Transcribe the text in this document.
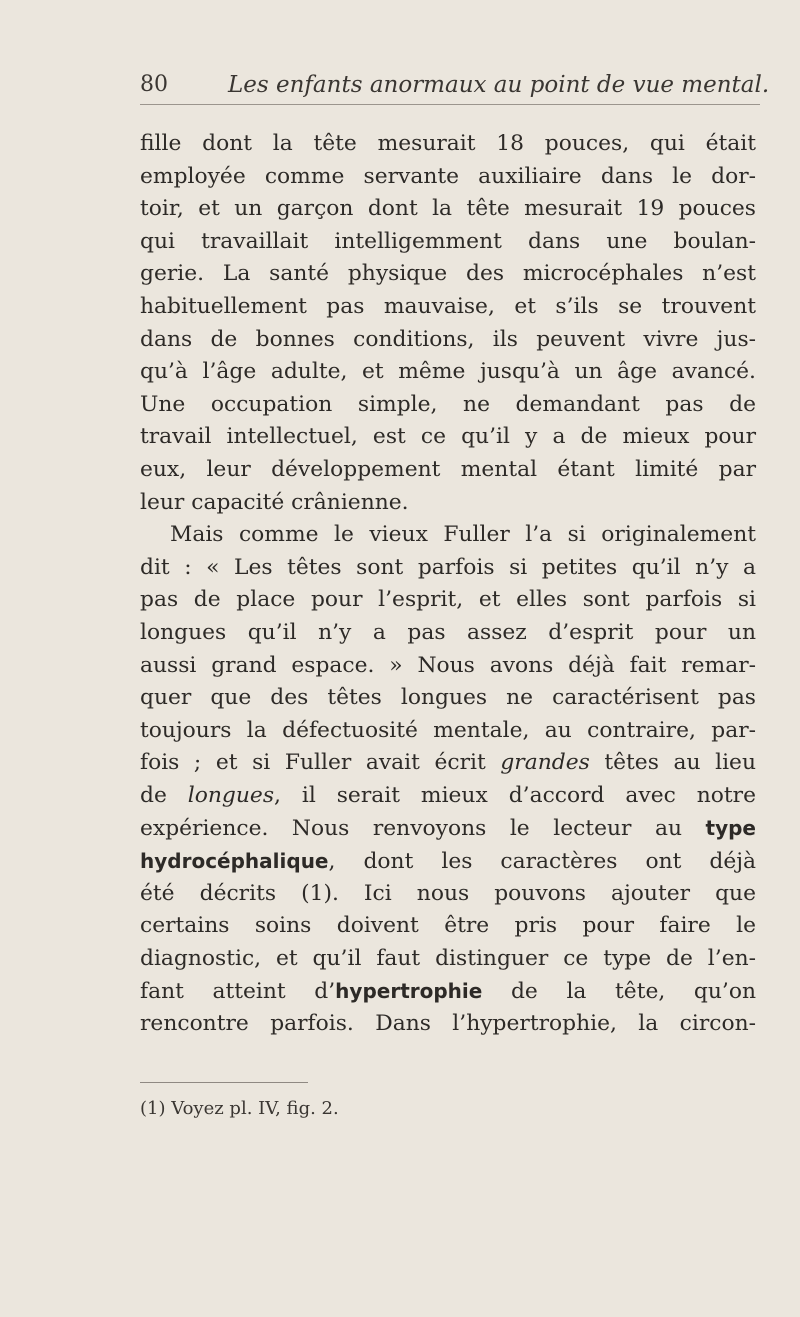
80	Les enfants anormaux au point de vue mental.
fille dont la tête mesurait 18 pouces, qui était
employée comme servante auxiliaire dans le dor-
toir, et un garçon dont la tête mesurait 19 pouces
qui travaillait intelligemment dans une boulan-
gerie. La santé physique des microcéphales n’est
habituellement pas mauvaise, et s’ils se trouvent
dans de bonnes conditions, ils peuvent vivre jus-
qu’à l’âge adulte, et même jusqu’à un âge avancé.
Une occupation simple, ne demandant pas de
travail intellectuel, est ce qu’il y a de mieux pour
eux, leur développement mental étant limité par
leur capacité crânienne.
Mais comme le vieux Fuller l’a si originalement
dit : « Les têtes sont parfois si petites qu’il n’y a
pas de place pour l’esprit, et elles sont parfois si
longues qu’il n’y a pas assez d’esprit pour un
aussi grand espace. » Nous avons déjà fait remar-
quer que des têtes longues ne caractérisent pas
toujours la défectuosité mentale, au contraire, par-
fois ; et si Fuller avait écrit grandes têtes au lieu
de longues, il serait mieux d’accord avec notre
expérience. Nous renvoyons le lecteur au type
hydrocéphalique, dont les caractères ont déjà
été décrits (1). Ici nous pouvons ajouter que
certains soins doivent être pris pour faire le
diagnostic, et qu’il faut distinguer ce type de l’en-
fant atteint d’hypertrophie de la tête, qu’on
rencontre parfois. Dans l’hypertrophie, la circon-
(1) Voyez pl. IV, fig. 2.
